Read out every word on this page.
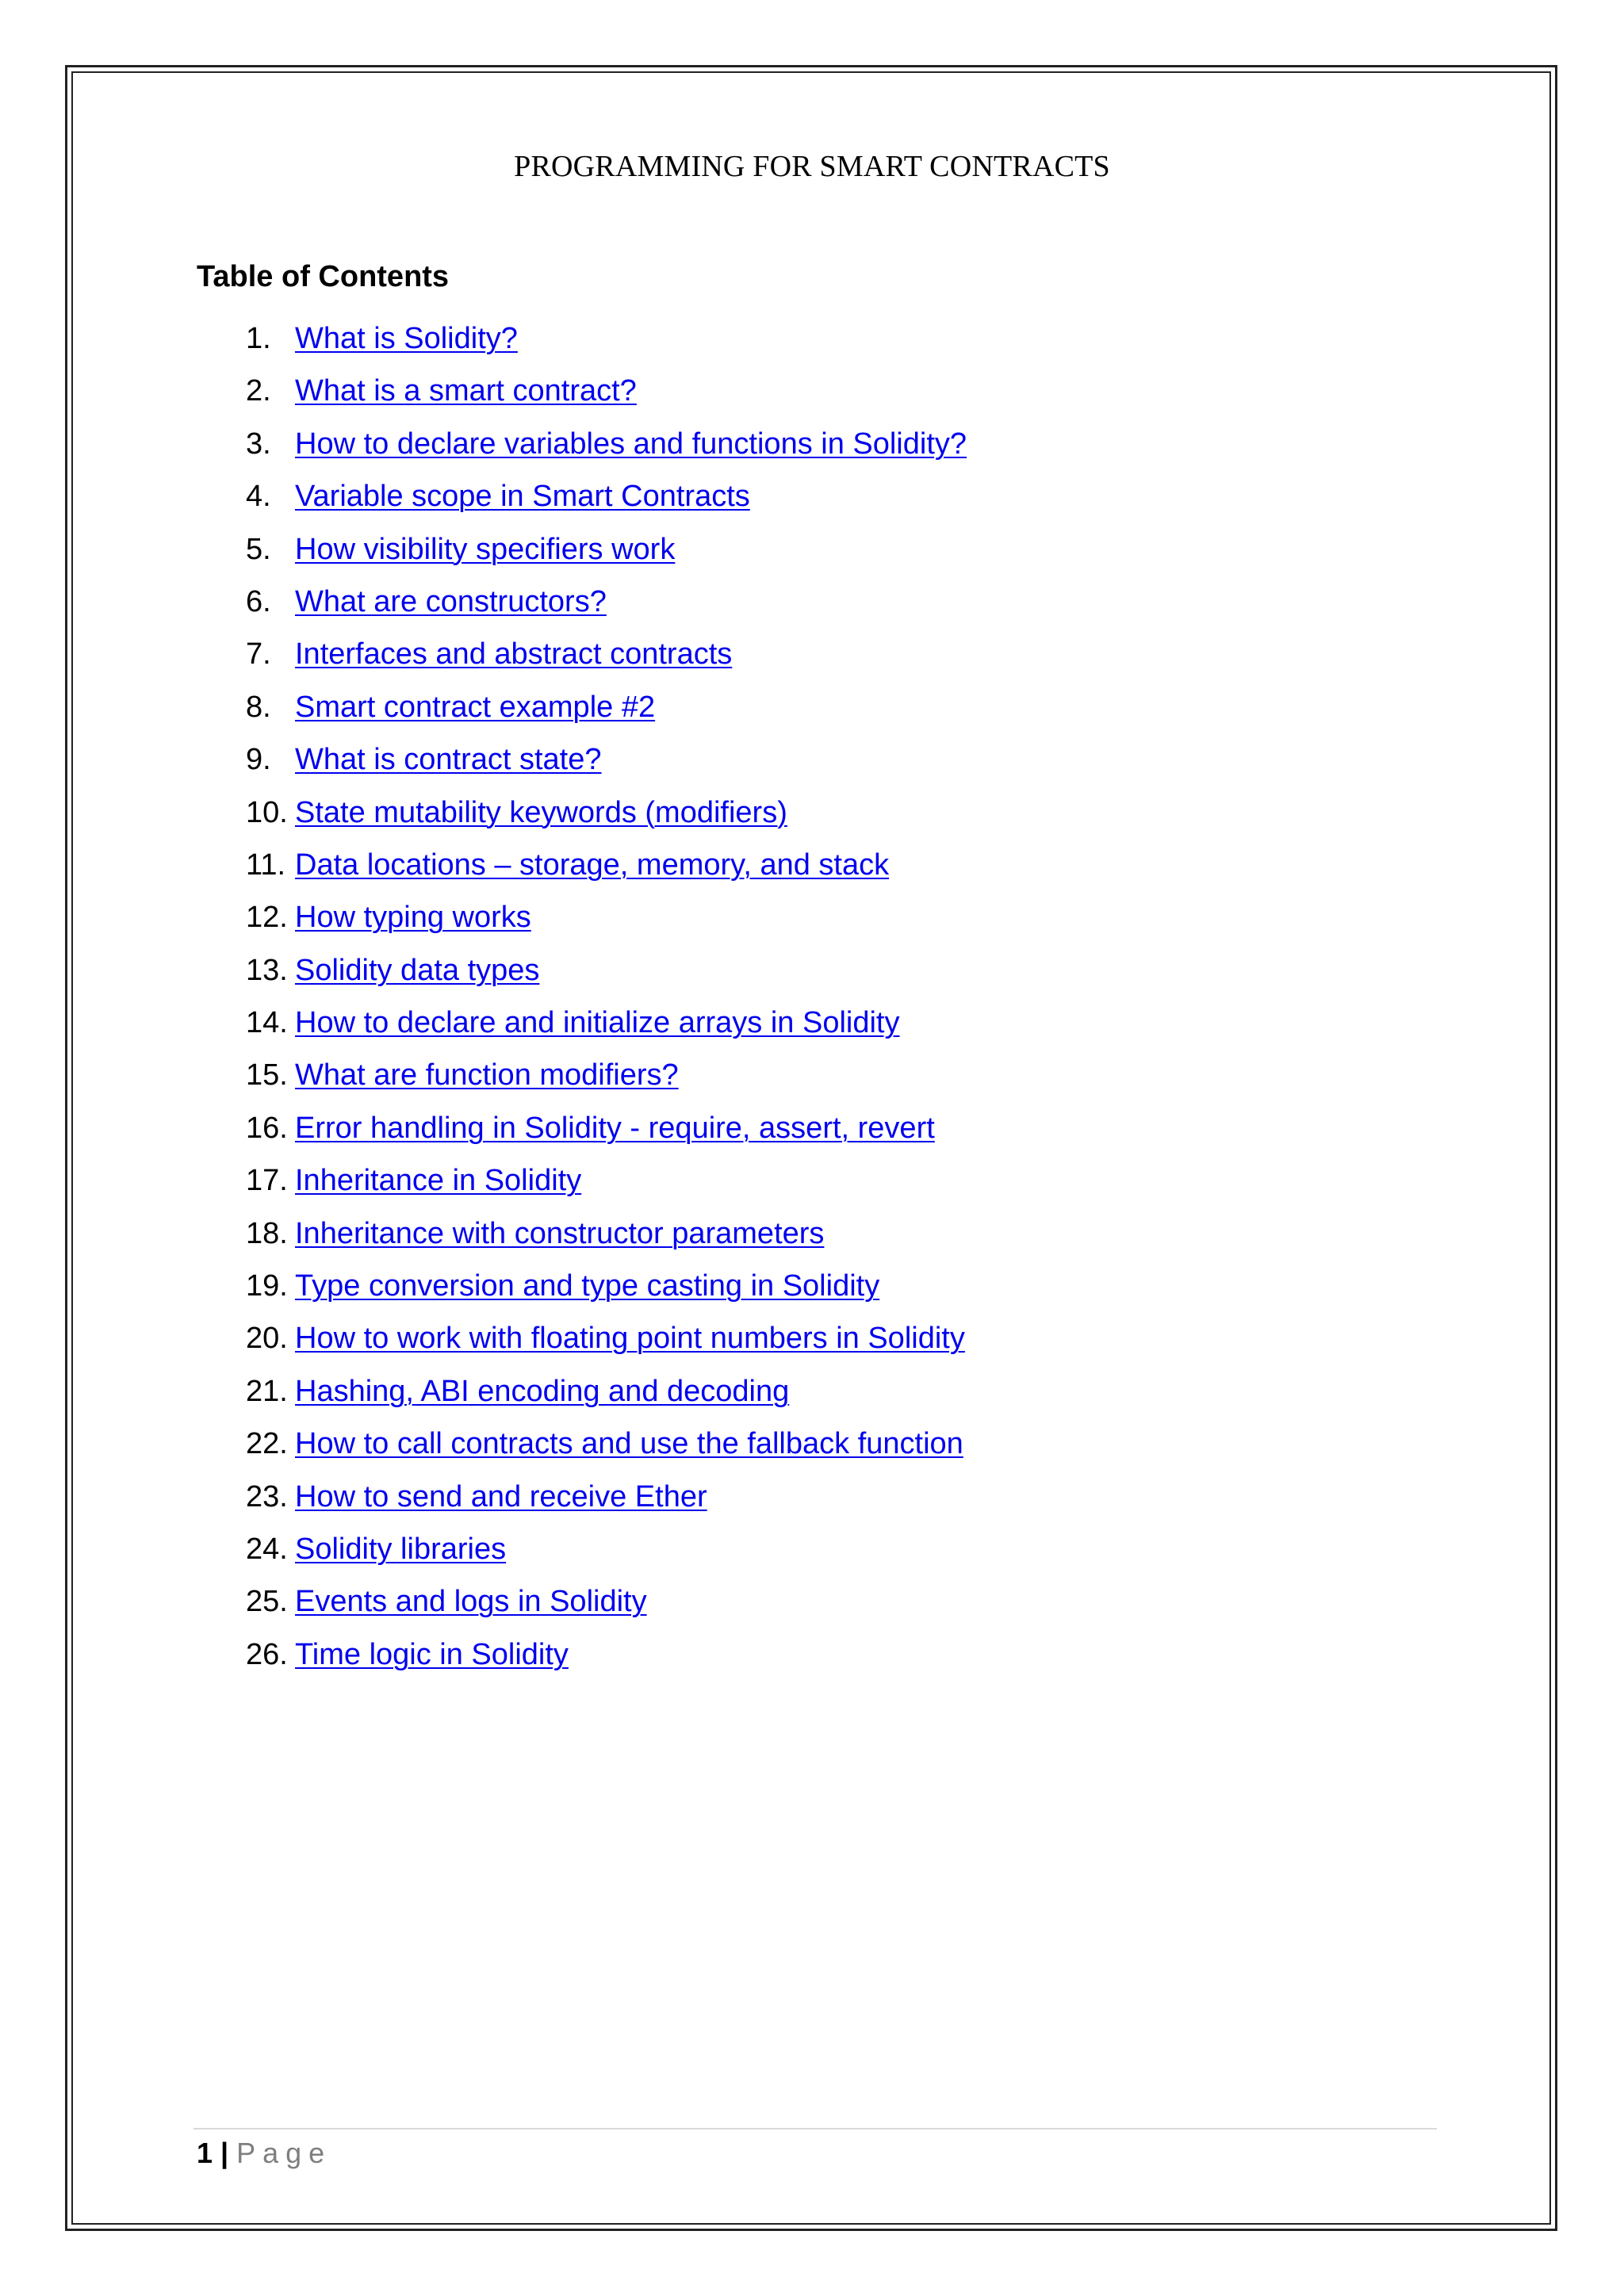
PROGRAMMING FOR SMART CONTRACTS
Table of Contents
1. What is Solidity?
2. What is a smart contract?
3. How to declare variables and functions in Solidity?
4. Variable scope in Smart Contracts
5. How visibility specifiers work
6. What are constructors?
7. Interfaces and abstract contracts
8. Smart contract example #2
9. What is contract state?
10. State mutability keywords (modifiers)
11. Data locations – storage, memory, and stack
12. How typing works
13. Solidity data types
14. How to declare and initialize arrays in Solidity
15. What are function modifiers?
16. Error handling in Solidity - require, assert, revert
17. Inheritance in Solidity
18. Inheritance with constructor parameters
19. Type conversion and type casting in Solidity
20. How to work with floating point numbers in Solidity
21. Hashing, ABI encoding and decoding
22. How to call contracts and use the fallback function
23. How to send and receive Ether
24. Solidity libraries
25. Events and logs in Solidity
26. Time logic in Solidity
1 | Page
